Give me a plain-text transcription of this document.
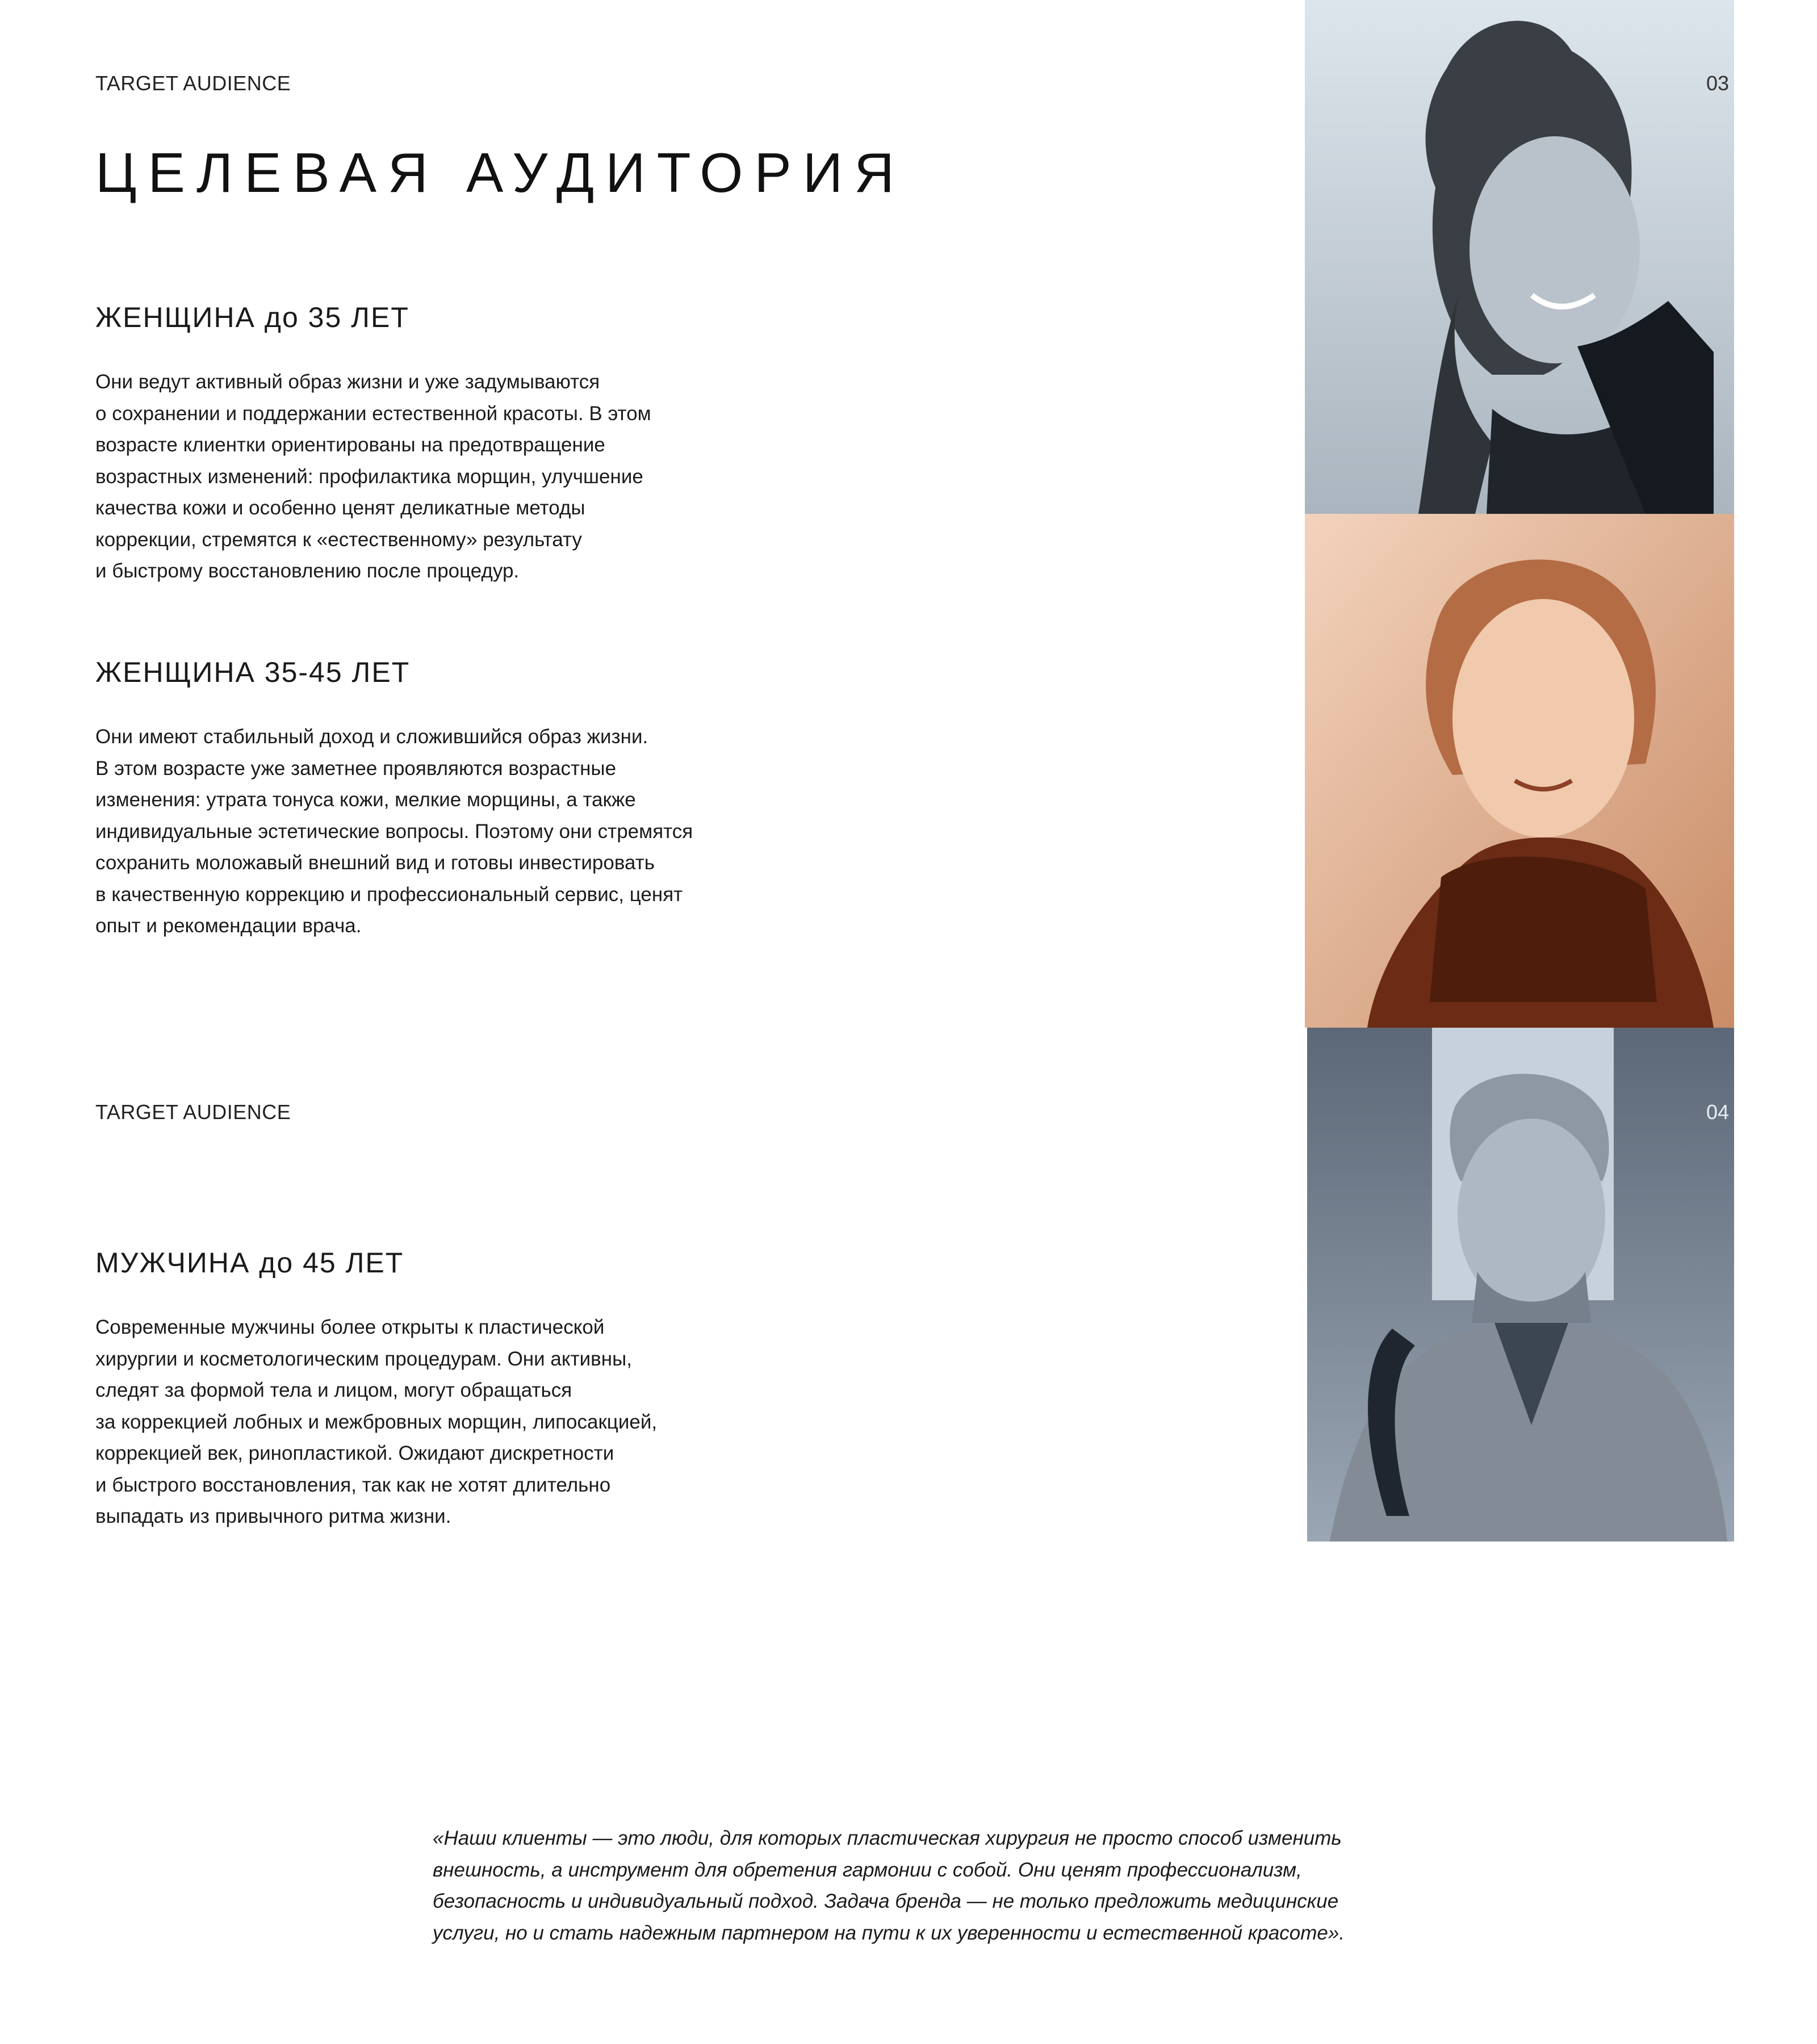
TARGET AUDIENCE
ЦЕЛЕВАЯ АУДИТОРИЯ
ЖЕНЩИНА до 35 ЛЕТ
Они ведут активный образ жизни и уже задумываются
о сохранении и поддержании естественной красоты. В этом
возрасте клиентки ориентированы на предотвращение
возрастных изменений: профилактика морщин, улучшение
качества кожи и особенно ценят деликатные методы
коррекции, стремятся к «естественному» результату
и быстрому восстановлению после процедур.
ЖЕНЩИНА 35-45 ЛЕТ
Они имеют стабильный доход и сложившийся образ жизни.
В этом возрасте уже заметнее проявляются возрастные
изменения: утрата тонуса кожи, мелкие морщины, а также
индивидуальные эстетические вопросы. Поэтому они стремятся
сохранить моложавый внешний вид и готовы инвестировать
в качественную коррекцию и профессиональный сервис, ценят
опыт и рекомендации врача.
TARGET AUDIENCE
МУЖЧИНА до 45 ЛЕТ
Современные мужчины более открыты к пластической
хирургии и косметологическим процедурам. Они активны,
следят за формой тела и лицом, могут обращаться
за коррекцией лобных и межбровных морщин, липосакцией,
коррекцией век, ринопластикой. Ожидают дискретности
и быстрого восстановления, так как не хотят длительно
выпадать из привычного ритма жизни.
03
04
«Наши клиенты — это люди, для которых пластическая хирургия не просто способ изменить
внешность, а инструмент для обретения гармонии с собой. Они ценят профессионализм,
безопасность и индивидуальный подход. Задача бренда — не только предложить медицинские
услуги, но и стать надежным партнером на пути к их уверенности и естественной красоте».
